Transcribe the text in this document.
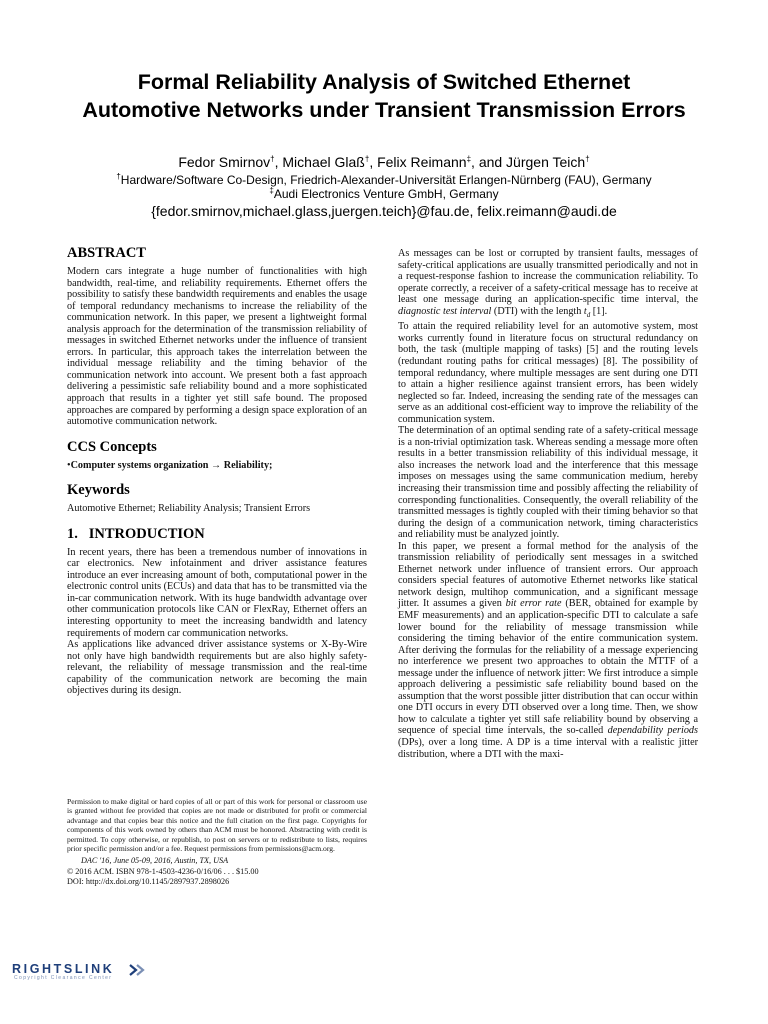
Formal Reliability Analysis of Switched Ethernet
Automotive Networks under Transient Transmission Errors
Fedor Smirnov†, Michael Glaß†, Felix Reimann‡, and Jürgen Teich†
†Hardware/Software Co-Design, Friedrich-Alexander-Universität Erlangen-Nürnberg (FAU), Germany
‡Audi Electronics Venture GmbH, Germany
{fedor.smirnov,michael.glass,juergen.teich}@fau.de, felix.reimann@audi.de
ABSTRACT

Modern cars integrate a huge number of functionalities with high bandwidth, real-time, and reliability requirements. Ethernet offers the possibility to satisfy these bandwidth requirements and enables the usage of temporal redundancy mechanisms to increase the reliability of the communication network. In this paper, we present a lightweight formal analysis approach for the determination of the transmission reliability of messages in switched Ethernet networks under the influence of transient errors. In particular, this approach takes the interrelation between the individual message reliability and the timing behavior of the communication network into account. We present both a fast approach delivering a pessimistic safe reliability bound and a more sophisticated approach that results in a tighter yet still safe bound. The proposed approaches are compared by performing a design space exploration of an automotive communication network.

CCS Concepts

•Computer systems organization → Reliability;

Keywords

Automotive Ethernet; Reliability Analysis; Transient Errors

1.   INTRODUCTION

In recent years, there has been a tremendous number of innovations in car electronics. New infotainment and driver assistance features introduce an ever increasing amount of both, computational power in the electronic control units (ECUs) and data that has to be transmitted via the in-car communication network. With its huge bandwidth advantage over other communication protocols like CAN or FlexRay, Ethernet offers an interesting opportunity to meet the increasing bandwidth and latency requirements of modern car communication networks.

As applications like advanced driver assistance systems or X-By-Wire not only have high bandwidth requirements but are also highly safety-relevant, the reliability of message transmission and the real-time capability of the communication network are becoming the main objectives during its design.

Permission to make digital or hard copies of all or part of this work for personal or classroom use is granted without fee provided that copies are not made or distributed for profit or commercial advantage and that copies bear this notice and the full citation on the first page. Copyrights for components of this work owned by others than ACM must be honored. Abstracting with credit is permitted. To copy otherwise, or republish, to post on servers or to redistribute to lists, requires prior specific permission and/or a fee. Request permissions from permissions@acm.org.
DAC '16, June 05-09, 2016, Austin, TX, USA
© 2016 ACM. ISBN 978-1-4503-4236-0/16/06 . . . $15.00
DOI: http://dx.doi.org/10.1145/2897937.2898026

As messages can be lost or corrupted by transient faults, messages of safety-critical applications are usually transmitted periodically and not in a request-response fashion to increase the communication reliability. To operate correctly, a receiver of a safety-critical message has to receive at least one message during an application-specific time interval, the diagnostic test interval (DTI) with the length $t_d$ [1].

To attain the required reliability level for an automotive system, most works currently found in literature focus on structural redundancy on both, the task (multiple mapping of tasks) [5] and the routing levels (redundant routing paths for critical messages) [8]. The possibility of temporal redundancy, where multiple messages are sent during one DTI to attain a higher resilience against transient errors, has been widely neglected so far. Indeed, increasing the sending rate of the messages can serve as an additional cost-efficient way to improve the reliability of the communication system.

The determination of an optimal sending rate of a safety-critical message is a non-trivial optimization task. Whereas sending a message more often results in a better transmission reliability of this individual message, it also increases the network load and the interference that this message imposes on messages using the same communication medium, hereby increasing their transmission time and possibly affecting the reliability of corresponding functionalities. Consequently, the overall reliability of the transmitted messages is tightly coupled with their timing behavior so that during the design of a communication network, timing characteristics and reliability must be analyzed jointly.

In this paper, we present a formal method for the analysis of the transmission reliability of periodically sent messages in a switched Ethernet network under influence of transient errors. Our approach considers special features of automotive Ethernet networks like statical network design, multihop communication, and a significant message jitter. It assumes a given bit error rate (BER, obtained for example by EMF measurements) and an application-specific DTI to calculate a safe lower bound for the reliability of message transmission while considering the timing behavior of the entire communication system. After deriving the formulas for the reliability of a message experiencing no interference we present two approaches to obtain the MTTF of a message under the influence of network jitter: We first introduce a simple approach delivering a pessimistic safe reliability bound based on the assumption that the worst possible jitter distribution that can occur within one DTI occurs in every DTI observed over a long time. Then, we show how to calculate a tighter yet still safe reliability bound by observing a sequence of special time intervals, the so-called dependability periods (DPs), over a long time. A DP is a time interval with a realistic jitter distribution, where a DTI with the maxi-

RIGHTSLINK
Copyright Clearance Center
